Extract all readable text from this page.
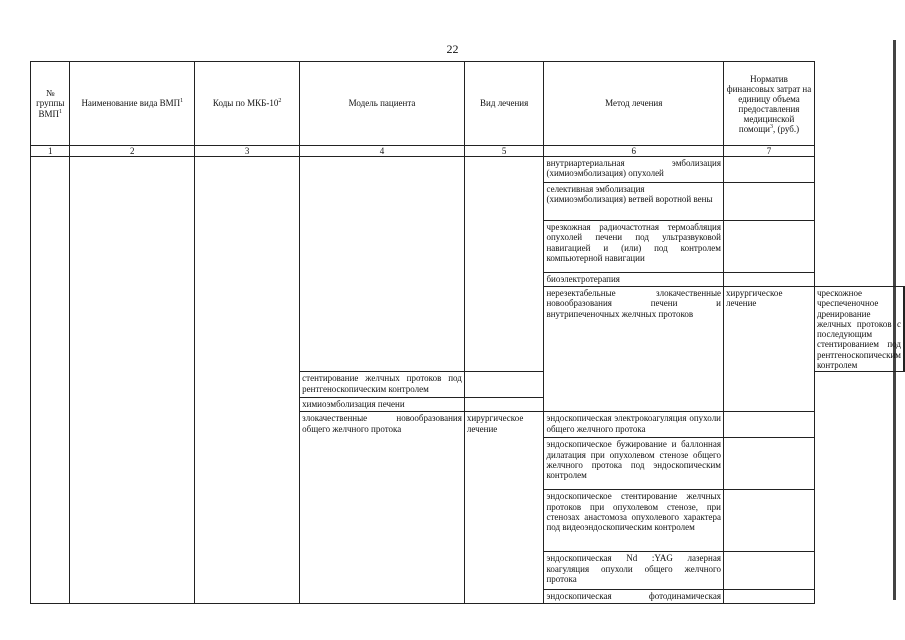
22
№ группы ВМП$^1$	Наименование вида ВМП$^1$	Коды по МКБ-$10^2$	Модель пациента	Вид лечения	Метод лечения	Норматив финансовых затрат на единицу объема предоставления медицинской помощи$^3$, (руб.)		
1	2	3	4	5	6	7		
					внутриартериальная эмболизация (химиоэмболизация) опухолей			
					селективная эмболизация (химиоэмболизация) ветвей воротной вены			
					чрезкожная радиочастотная термоабляция опухолей печени под ультразвуковой навигацией и (или) под контролем компьютерной навигации			
					биоэлектротерапия			
					нерезектабельные злокачественные новообразования печени и внутрипеченочных желчных протоков	хирургическое лечение	чрескожное чреспеченочное дренирование желчных протоков с последующим стентированием под рентгеноскопическим контролем	
			стентирование желчных протоков под рентгеноскопическим контролем					
			химиоэмболизация печени					
			злокачественные новообразования общего желчного протока	хирургическое лечение	эндоскопическая электрокоагуляция опухоли общего желчного протока			
					эндоскопическое бужирование и баллонная дилатация при опухолевом стенозе общего желчного протока под эндоскопическим контролем			
					эндоскопическое стентирование желчных протоков при опухолевом стенозе, при стенозах анастомоза опухолевого характера под видеоэндоскопическим контролем			
					эндоскопическая Nd :YAG лазерная коагуляция опухоли общего желчного протока			
					эндоскопическая фотодинамическая			
